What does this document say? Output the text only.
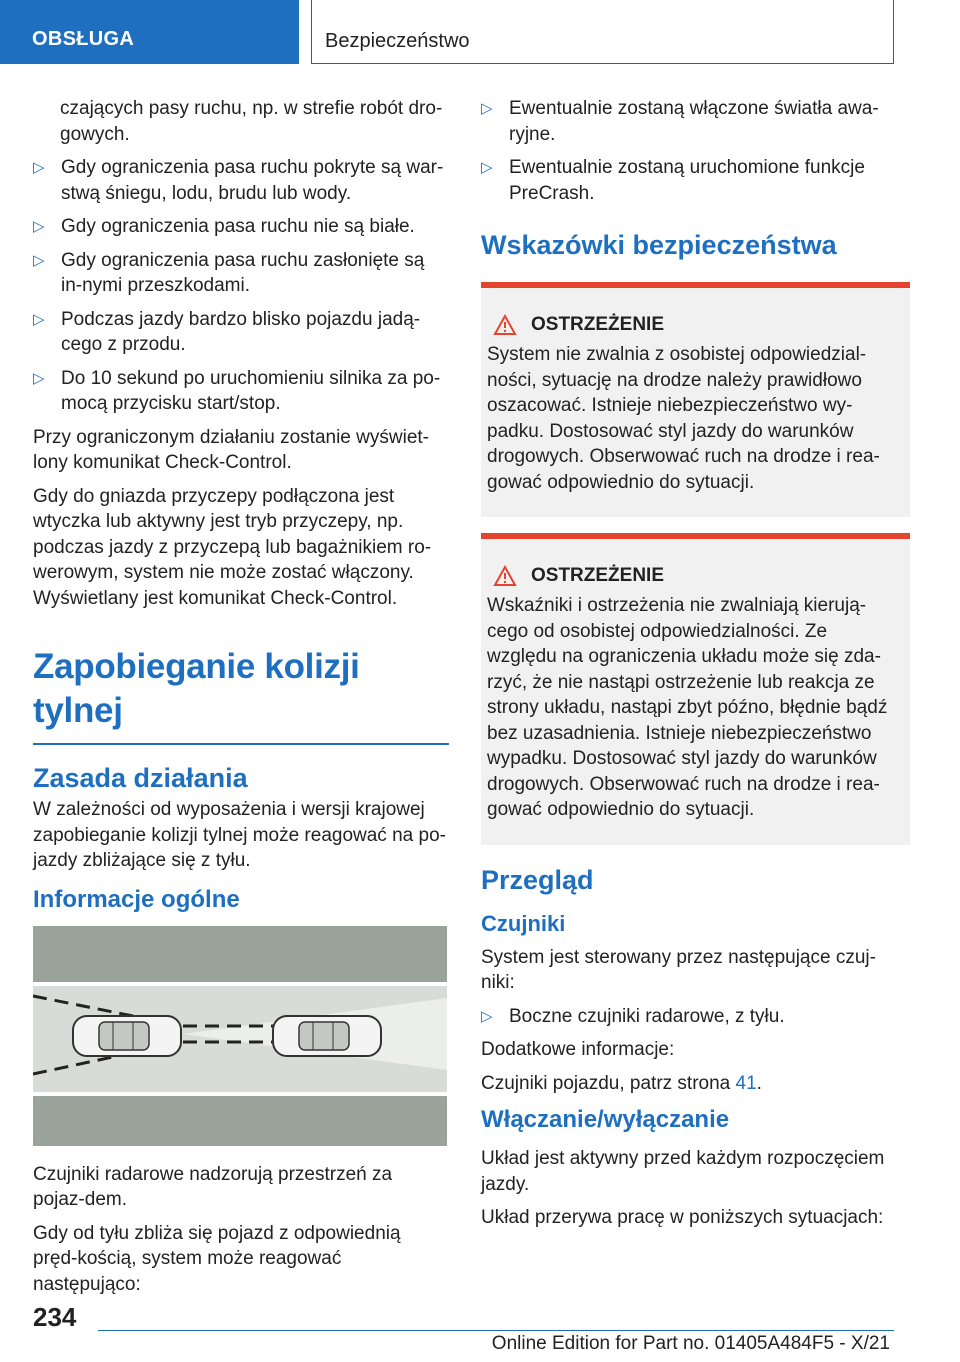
OBSŁUGA	Bezpieczeństwo

czających pasy ruchu, np. w strefie robót dro-gowych.

▷ Gdy ograniczenia pasa ruchu pokryte są war-stwą śniegu, lodu, brudu lub wody.
▷ Gdy ograniczenia pasa ruchu nie są białe.
▷ Gdy ograniczenia pasa ruchu zasłonięte są in-nymi przeszkodami.
▷ Podczas jazdy bardzo blisko pojazdu jadą-cego z przodu.
▷ Do 10 sekund po uruchomieniu silnika za po-mocą przycisku start/stop.

Przy ograniczonym działaniu zostanie wyświet-lony komunikat Check-Control.

Gdy do gniazda przyczepy podłączona jest wtyczka lub aktywny jest tryb przyczepy, np. podczas jazdy z przyczepą lub bagażnikiem ro-werowym, system nie może zostać włączony. Wyświetlany jest komunikat Check-Control.

Zapobieganie kolizji tylnej
Zasada działania

W zależności od wyposażenia i wersji krajowej zapobieganie kolizji tylnej może reagować na po-jazdy zbliżające się z tyłu.

Informacje ogólne

Czujniki radarowe nadzorują przestrzeń za pojaz-dem.

Gdy od tyłu zbliża się pojazd z odpowiednią pręd-kością, system może reagować następująco:

▷ Ewentualnie zostaną włączone światła awa-ryjne.
▷ Ewentualnie zostaną uruchomione funkcje PreCrash.
Wskazówki bezpieczeństwa
OSTRZEŻENIE

System nie zwalnia z osobistej odpowiedzial-ności, sytuację na drodze należy prawidłowo oszacować. Istnieje niebezpieczeństwo wy-padku. Dostosować styl jazdy do warunków drogowych. Obserwować ruch na drodze i rea-gować odpowiednio do sytuacji.

OSTRZEŻENIE

Wskaźniki i ostrzeżenia nie zwalniają kierują-cego od osobistej odpowiedzialności. Ze względu na ograniczenia układu może się zda-rzyć, że nie nastąpi ostrzeżenie lub reakcja ze strony układu, nastąpi zbyt późno, błędnie bądź bez uzasadnienia. Istnieje niebezpieczeństwo wypadku. Dostosować styl jazdy do warunków drogowych. Obserwować ruch na drodze i rea-gować odpowiednio do sytuacji.

Przegląd
Czujniki

System jest sterowany przez następujące czuj-niki:

▷ Boczne czujniki radarowe, z tyłu.

Dodatkowe informacje:

Czujniki pojazdu, patrz strona 41.

Włączanie/wyłączanie

Układ jest aktywny przed każdym rozpoczęciem jazdy.

Układ przerywa pracę w poniższych sytuacjach:

234
Online Edition for Part no. 01405A484F5 - X/21
